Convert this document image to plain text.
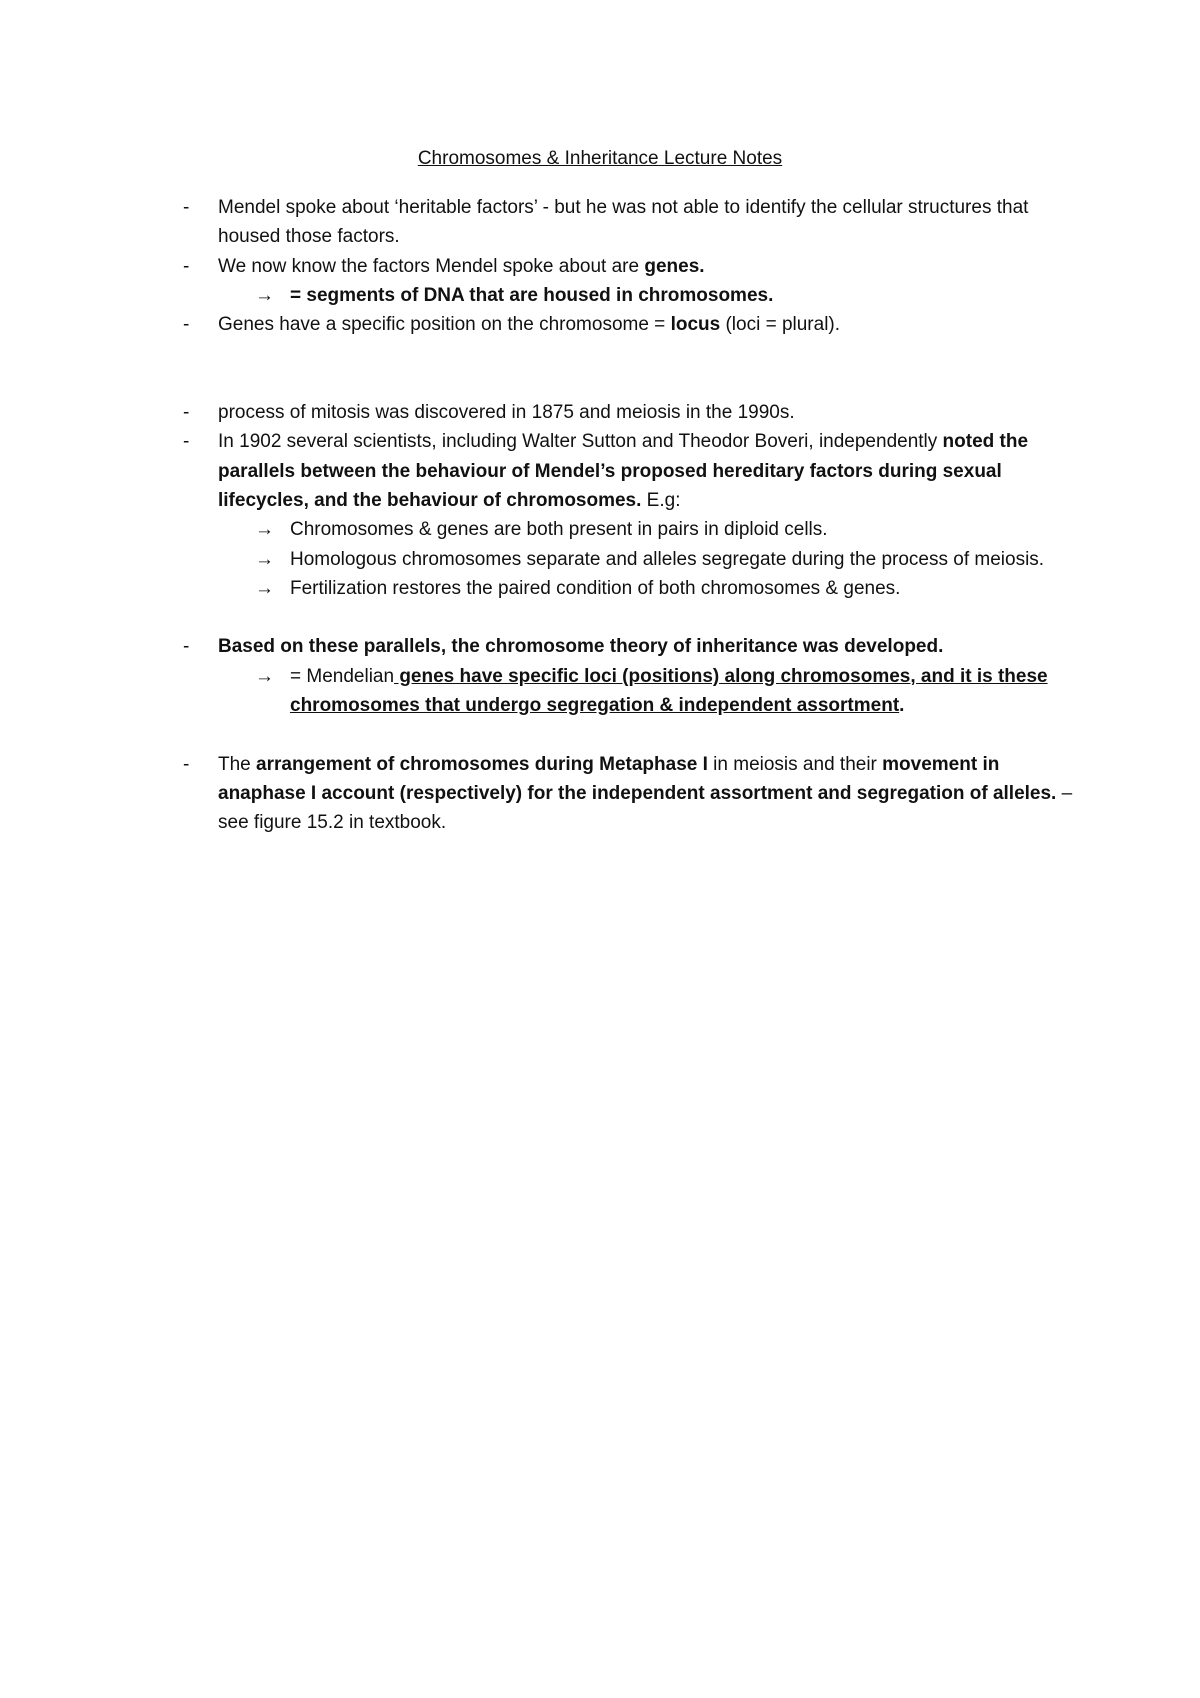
Chromosomes & Inheritance Lecture Notes
- Mendel spoke about ‘heritable factors’ - but he was not able to identify the cellular structures that housed those factors.
- We now know the factors Mendel spoke about are genes.
→ = segments of DNA that are housed in chromosomes.
- Genes have a specific position on the chromosome = locus (loci = plural).
- process of mitosis was discovered in 1875 and meiosis in the 1990s.
- In 1902 several scientists, including Walter Sutton and Theodor Boveri, independently noted the parallels between the behaviour of Mendel’s proposed hereditary factors during sexual lifecycles, and the behaviour of chromosomes. E.g:
→ Chromosomes & genes are both present in pairs in diploid cells.
→ Homologous chromosomes separate and alleles segregate during the process of meiosis.
→ Fertilization restores the paired condition of both chromosomes & genes.
- Based on these parallels, the chromosome theory of inheritance was developed.
→ = Mendelian genes have specific loci (positions) along chromosomes, and it is these chromosomes that undergo segregation & independent assortment.
- The arrangement of chromosomes during Metaphase I in meiosis and their movement in anaphase I account (respectively) for the independent assortment and segregation of alleles. – see figure 15.2 in textbook.
